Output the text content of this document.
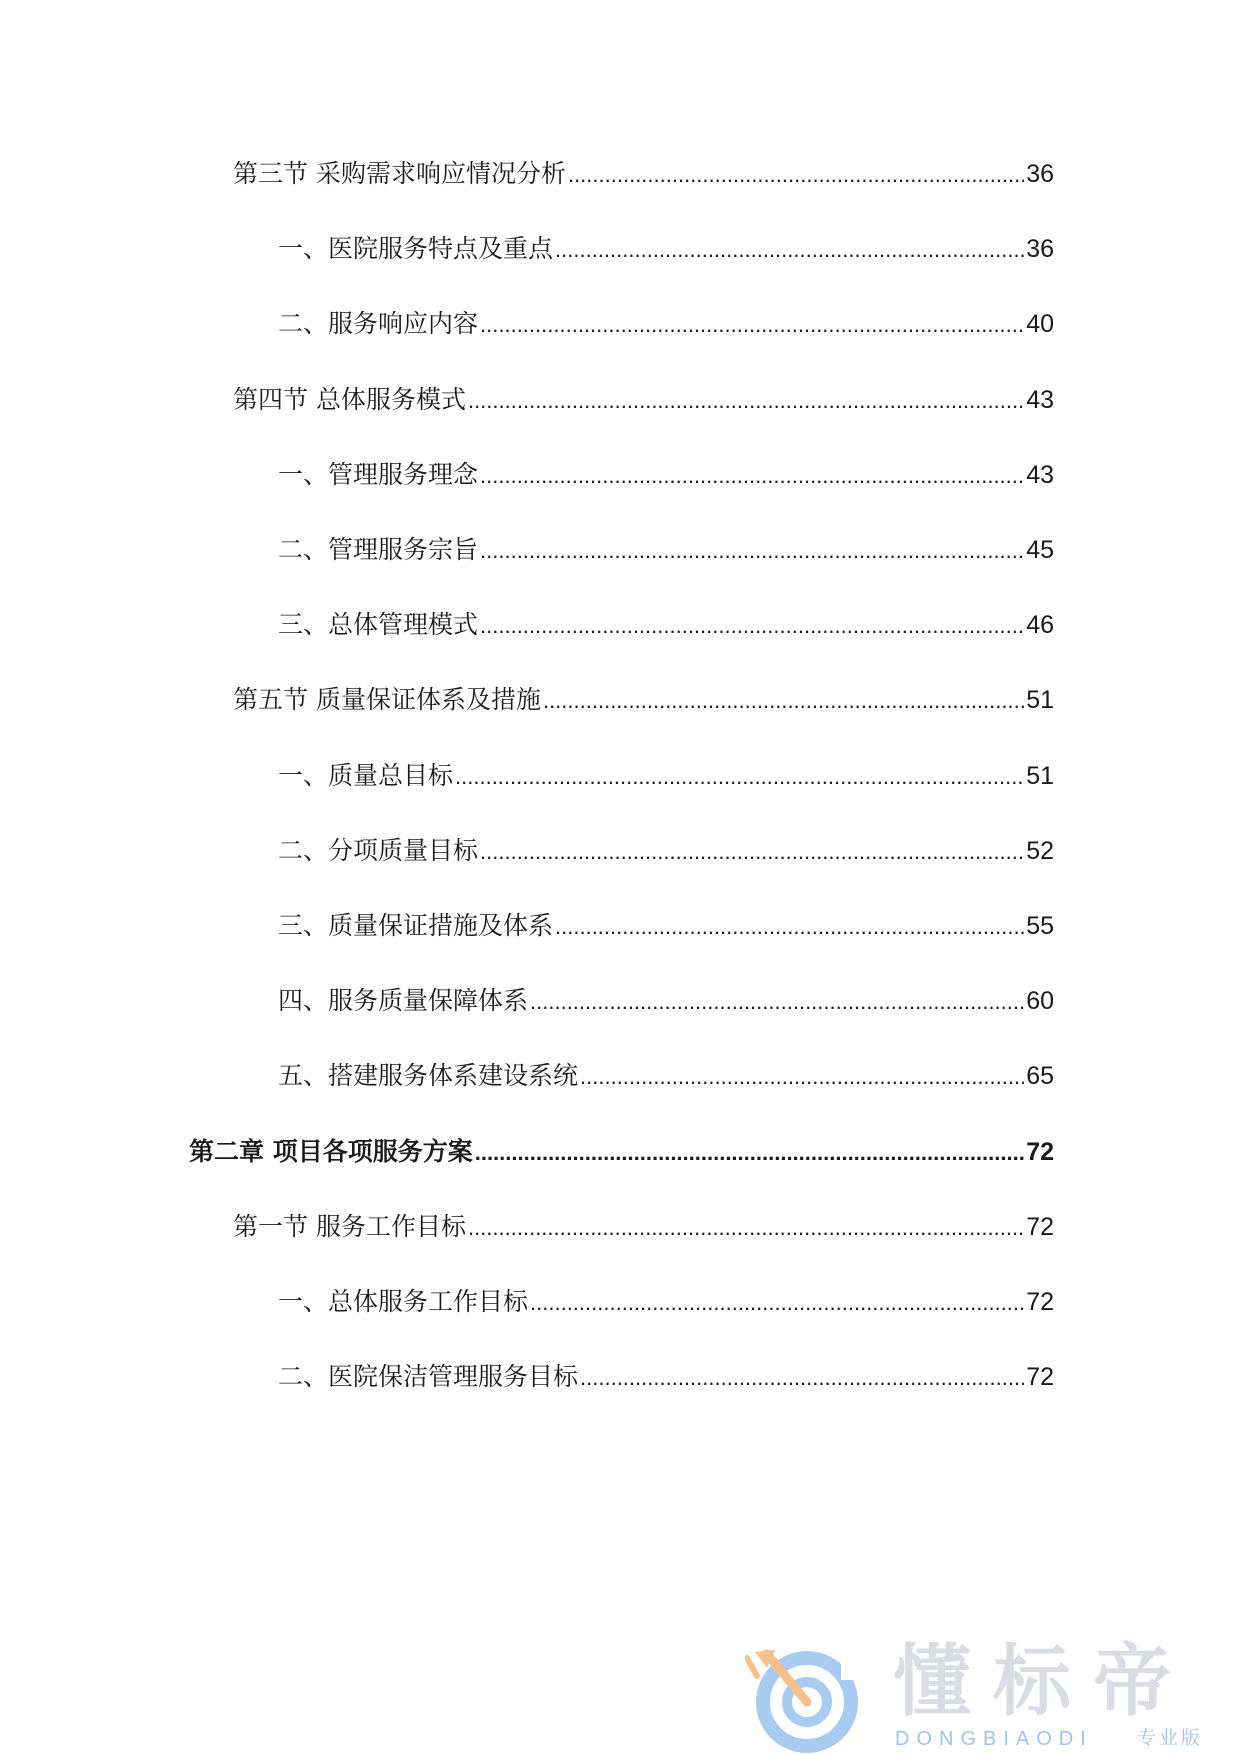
第三节 采购需求响应情况分析 .....	36
一、医院服务特点及重点 .....	36
二、服务响应内容 .....	40
第四节 总体服务模式 .....	43
一、管理服务理念 .....	43
二、管理服务宗旨 .....	45
三、总体管理模式 .....	46
第五节 质量保证体系及措施 .....	51
一、质量总目标 .....	51
二、分项质量目标 .....	52
三、质量保证措施及体系 .....	55
四、服务质量保障体系 .....	60
五、搭建服务体系建设系统 .....	65
第二章 项目各项服务方案 .....	72
第一节 服务工作目标 .....	72
一、总体服务工作目标 .....	72
二、医院保洁管理服务目标 .....	72
懂标帝
DONGBIAODI 专业版
